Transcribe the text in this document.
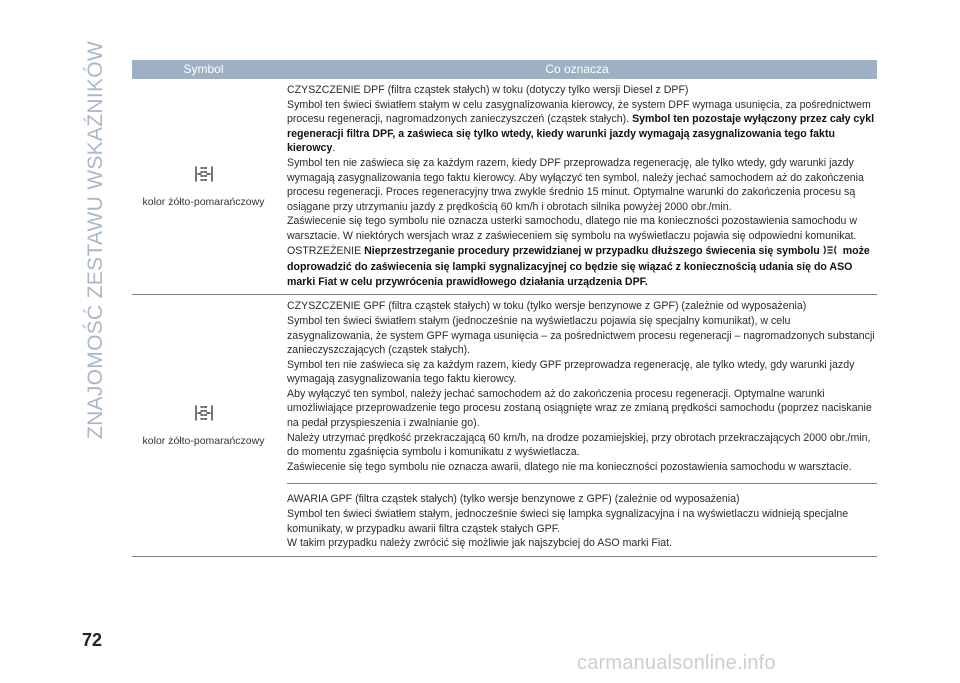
ZNAJOMOŚĆ ZESTAWU WSKAŹNIKÓW	Symbol	Co oznacza
kolor żółto-pomarańczowy

CZYSZCZENIE DPF (filtra cząstek stałych) w toku (dotyczy tylko wersji Diesel z DPF)

Symbol ten świeci światłem stałym w celu zasygnalizowania kierowcy, że system DPF wymaga usunięcia, za pośrednictwem procesu regeneracji, nagromadzonych zanieczyszczeń (cząstek stałych). Symbol ten pozostaje wyłączony przez cały cykl regeneracji filtra DPF, a zaświeca się tylko wtedy, kiedy warunki jazdy wymagają zasygnalizowania tego faktu kierowcy.

Symbol ten nie zaświeca się za każdym razem, kiedy DPF przeprowadza regenerację, ale tylko wtedy, gdy warunki jazdy wymagają zasygnalizowania tego faktu kierowcy. Aby wyłączyć ten symbol, należy jechać samochodem aż do zakończenia procesu regeneracji. Proces regeneracyjny trwa zwykle średnio 15 minut. Optymalne warunki do zakończenia procesu są osiągane przy utrzymaniu jazdy z prędkością 60 km/h i obrotach silnika powyżej 2000 obr./min.

Zaświecenie się tego symbolu nie oznacza usterki samochodu, dlatego nie ma konieczności pozostawienia samochodu w warsztacie. W niektórych wersjach wraz z zaświeceniem się symbolu na wyświetlaczu pojawia się odpowiedni komunikat.

OSTRZEŻENIE Nieprzestrzeganie procedury przewidzianej w przypadku dłuższego świecenia się symbolu może doprowadzić do zaświecenia się lampki sygnalizacyjnej co będzie się wiązać z koniecznością udania się do ASO marki Fiat w celu przywrócenia prawidłowego działania urządzenia DPF.

kolor żółto-pomarańczowy

CZYSZCZENIE GPF (filtra cząstek stałych) w toku (tylko wersje benzynowe z GPF) (zależnie od wyposażenia)

Symbol ten świeci światłem stałym (jednocześnie na wyświetlaczu pojawia się specjalny komunikat), w celu zasygnalizowania, że system GPF wymaga usunięcia – za pośrednictwem procesu regeneracji – nagromadzonych substancji zanieczyszczających (cząstek stałych).

Symbol ten nie zaświeca się za każdym razem, kiedy GPF przeprowadza regenerację, ale tylko wtedy, gdy warunki jazdy wymagają zasygnalizowania tego faktu kierowcy.

Aby wyłączyć ten symbol, należy jechać samochodem aż do zakończenia procesu regeneracji. Optymalne warunki umożliwiające przeprowadzenie tego procesu zostaną osiągnięte wraz ze zmianą prędkości samochodu (poprzez naciskanie na pedał przyspieszenia i zwalnianie go).

Należy utrzymać prędkość przekraczającą 60 km/h, na drodze pozamiejskiej, przy obrotach przekraczających 2000 obr./min, do momentu zgaśnięcia symbolu i komunikatu z wyświetlacza.

Zaświecenie się tego symbolu nie oznacza awarii, dlatego nie ma konieczności pozostawienia samochodu w warsztacie.

AWARIA GPF (filtra cząstek stałych) (tylko wersje benzynowe z GPF) (zależnie od wyposażenia)

Symbol ten świeci światłem stałym, jednocześnie świeci się lampka sygnalizacyjna i na wyświetlaczu widnieją specjalne komunikaty, w przypadku awarii filtra cząstek stałych GPF.

W takim przypadku należy zwrócić się możliwie jak najszybciej do ASO marki Fiat.

72
carmanualsonline.info
